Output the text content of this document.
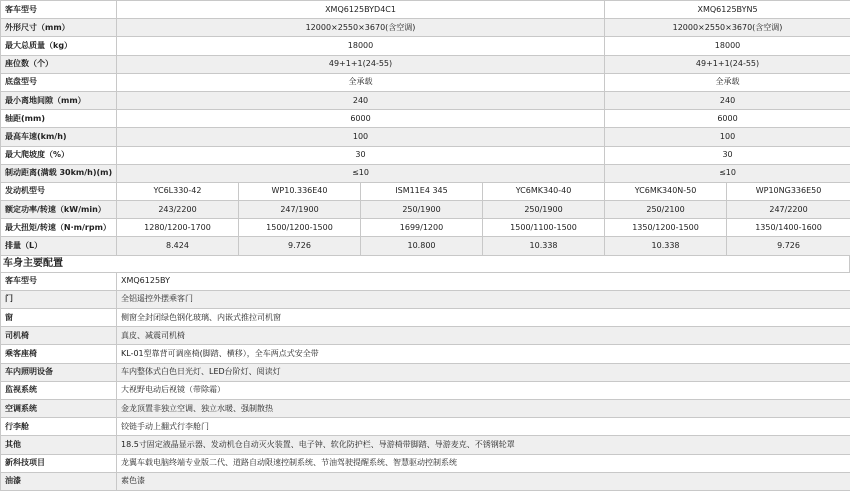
客车型号	XMQ6125BYD4C1				XMQ6125BYN5	
外形尺寸（mm）	12000×2550×3670(含空调)				12000×2550×3670(含空调)	
最大总质量（kg）	18000				18000	
座位数（个）	49+1+1(24-55)				49+1+1(24-55)	
底盘型号	全承载				全承载	
最小离地间隙（mm）	240				240	
轴距(mm)	6000				6000	
最高车速(km/h)	100				100	
最大爬坡度（%）	30				30	
制动距离(满载 30km/h)(m)	≤10				≤10	
发动机型号	YC6L330-42	WP10.336E40	ISM11E4 345	YC6MK340-40	YC6MK340N-50	WP10NG336E50
额定功率/转速（kW/min）	243/2200	247/1900	250/1900	250/1900	250/2100	247/2200
最大扭矩/转速（N·m/rpm）	1280/1200-1700	1500/1200-1500	1699/1200	1500/1100-1500	1350/1200-1500	1350/1400-1600
排量（L）	8.424	9.726	10.800	10.338	10.338	9.726
车身主要配置
客车型号	XMQ6125BY
门	全铝遥控外摆乘客门
窗	侧窗全封闭绿色钢化玻璃、内嵌式推拉司机窗
司机椅	真皮、减震司机椅
乘客座椅	KL-01型靠背可调座椅(脚踏、横移），全车两点式安全带
车内照明设备	车内整体式白色日光灯、LED台阶灯、阅读灯
监视系统	大视野电动后视镜（带除霜）
空调系统	金龙顶置非独立空调、独立水暖、强制散热
行李舱	铰链手动上翻式行李舱门
其他	18.5寸固定液晶显示器、发动机仓自动灭火装置、电子钟、软化防护栏、导游椅带脚踏、导游麦克、不锈钢轮罩
新科技项目	龙翼车载电脑终端专业版二代、道路自动限速控制系统、节油驾驶提醒系统、智慧驱动控制系统
油漆	素色漆
